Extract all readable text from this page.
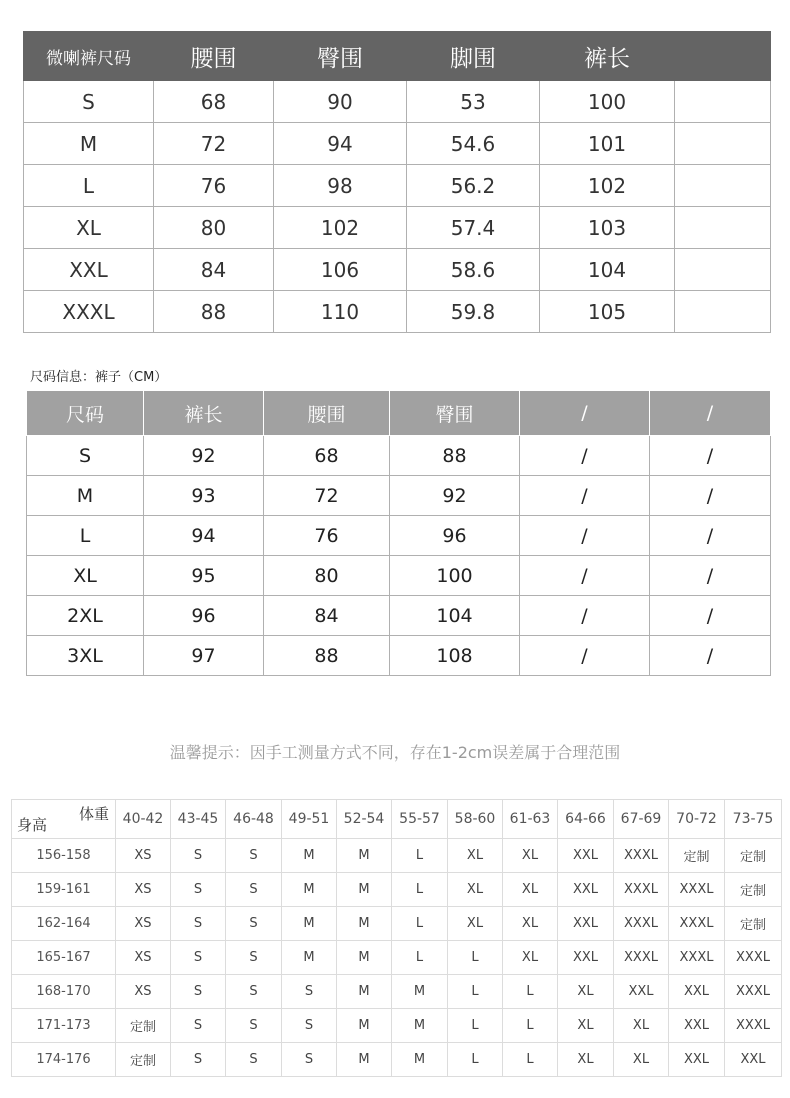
微喇裤尺码	腰围	臀围	脚围	裤长	
S	68	90	53	100	
M	72	94	54.6	101	
L	76	98	56.2	102	
XL	80	102	57.4	103	
XXL	84	106	58.6	104	
XXXL	88	110	59.8	105	
尺码信息：裤子（CM）
尺码	裤长	腰围	臀围	/	/
S	92	68	88	/	/
M	93	72	92	/	/
L	94	76	96	/	/
XL	95	80	100	/	/
2XL	96	84	104	/	/
3XL	97	88	108	/	/
温馨提示：因手工测量方式不同，存在1-2cm误差属于合理范围
体重
身高	40-42	43-45	46-48	49-51	52-54	55-57	58-60	61-63	64-66	67-69	70-72	73-75
156-158	XS	S	S	M	M	L	XL	XL	XXL	XXXL	定制	定制
159-161	XS	S	S	M	M	L	XL	XL	XXL	XXXL	XXXL	定制
162-164	XS	S	S	M	M	L	XL	XL	XXL	XXXL	XXXL	定制
165-167	XS	S	S	M	M	L	L	XL	XXL	XXXL	XXXL	XXXL
168-170	XS	S	S	S	M	M	L	L	XL	XXL	XXL	XXXL
171-173	定制	S	S	S	M	M	L	L	XL	XL	XXL	XXXL
174-176	定制	S	S	S	M	M	L	L	XL	XL	XXL	XXL
